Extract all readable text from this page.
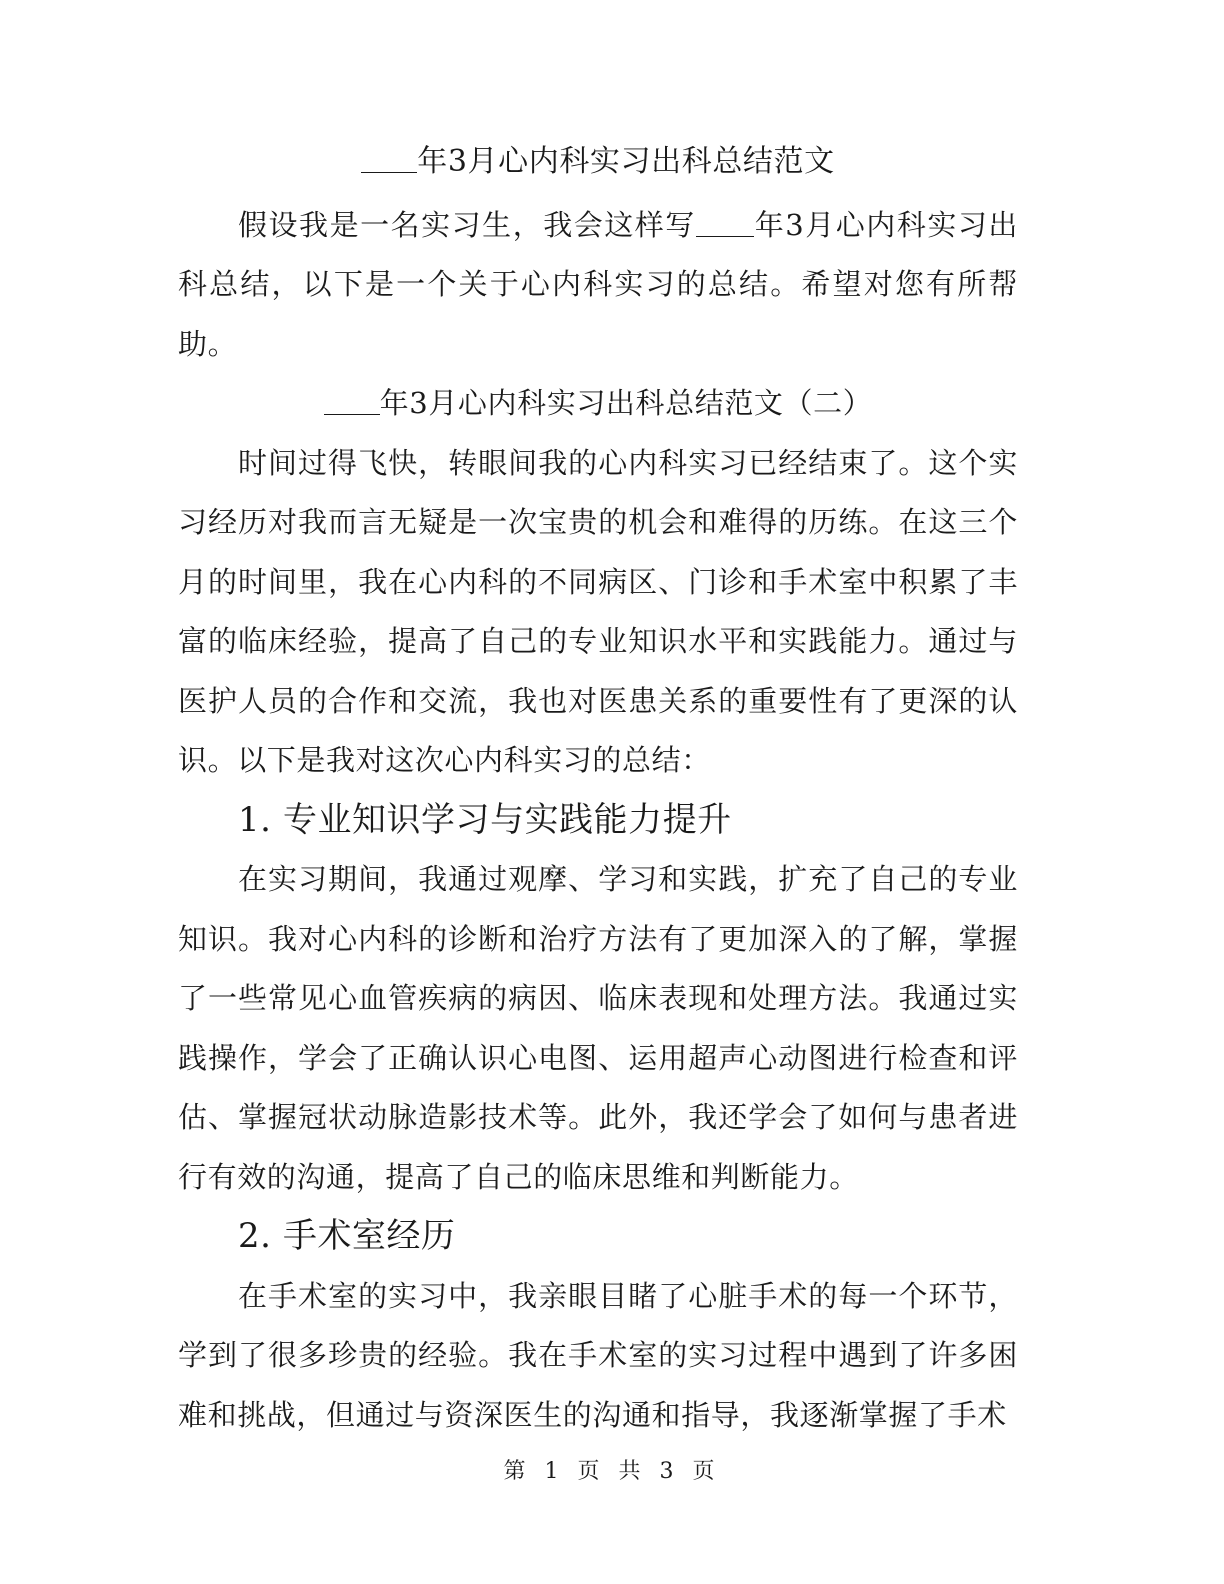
年3月心内科实习出科总结范文

假设我是一名实习生，我会这样写 年3月心内科实习出科总结，以下是一个关于心内科实习的总结。希望对您有所帮助。

年3月心内科实习出科总结范文（二）

时间过得飞快，转眼间我的心内科实习已经结束了。这个实习经历对我而言无疑是一次宝贵的机会和难得的历练。在这三个月的时间里，我在心内科的不同病区、门诊和手术室中积累了丰富的临床经验，提高了自己的专业知识水平和实践能力。通过与医护人员的合作和交流，我也对医患关系的重要性有了更深的认识。以下是我对这次心内科实习的总结：

1. 专业知识学习与实践能力提升

在实习期间，我通过观摩、学习和实践，扩充了自己的专业知识。我对心内科的诊断和治疗方法有了更加深入的了解，掌握了一些常见心血管疾病的病因、临床表现和处理方法。我通过实践操作，学会了正确认识心电图、运用超声心动图进行检查和评估、掌握冠状动脉造影技术等。此外，我还学会了如何与患者进行有效的沟通，提高了自己的临床思维和判断能力。

2. 手术室经历

在手术室的实习中，我亲眼目睹了心脏手术的每一个环节，学到了很多珍贵的经验。我在手术室的实习过程中遇到了许多困难和挑战，但通过与资深医生的沟通和指导，我逐渐掌握了手术

第 1 页 共 3 页
